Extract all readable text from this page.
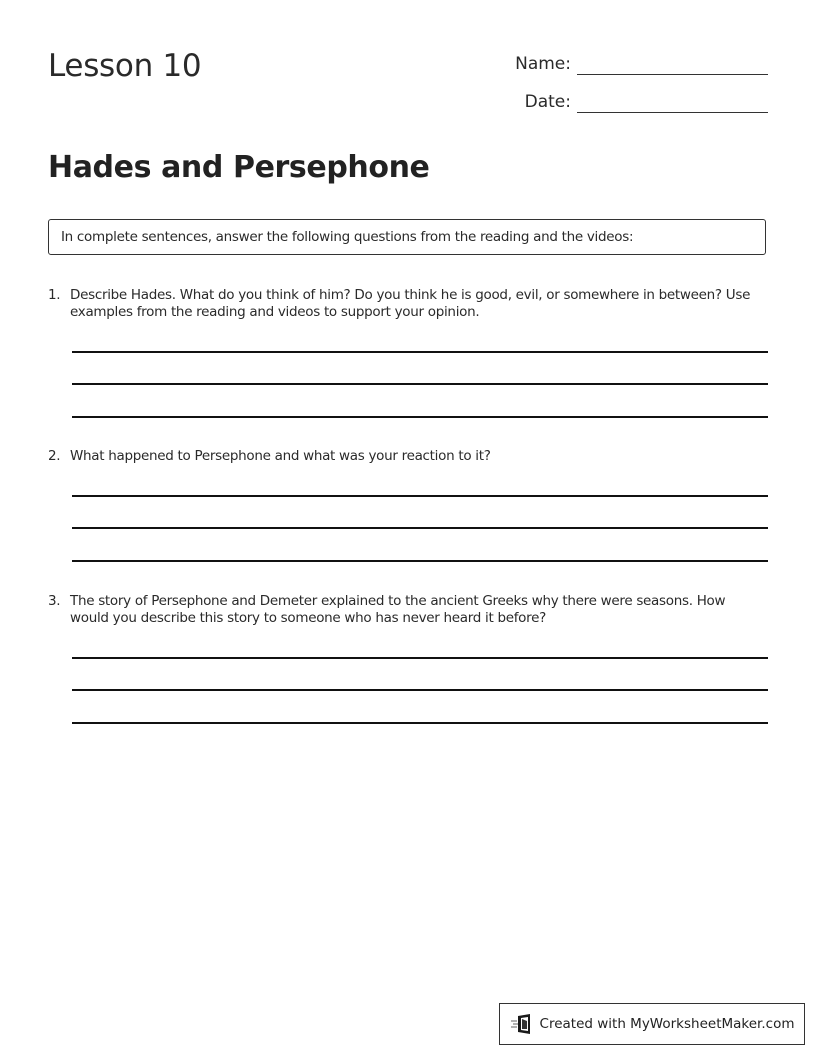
Lesson 10	Name:
Date:
Hades and Persephone
In complete sentences, answer the following questions from the reading and the videos:
1. Describe Hades. What do you think of him? Do you think he is good, evil, or somewhere in between? Use examples from the reading and videos to support your opinion.
2. What happened to Persephone and what was your reaction to it?
3. The story of Persephone and Demeter explained to the ancient Greeks why there were seasons. How would you describe this story to someone who has never heard it before?
Created with MyWorksheetMaker.com
